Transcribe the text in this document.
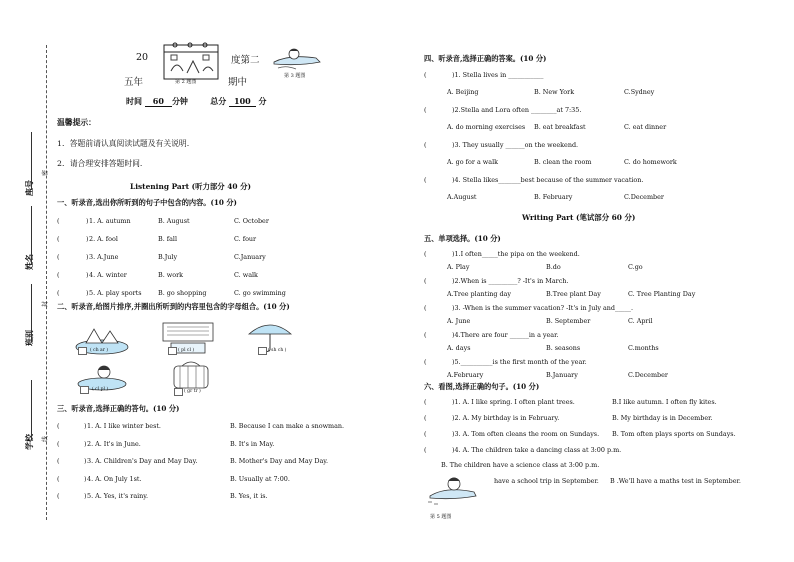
学校
班别
姓名
座号
密
封
线
20	度第二
五年	期中
第 2 题图
第 3 题图
时间 60 分钟	总分 100 分
温馨提示：
1．答题前请认真阅读试题及有关说明.
2．请合理安排答题时间.
Listening Part (听力部分 40 分)
一、听录音,选出你所听到的句子中包含的内容。(10 分)
(	) 1. A. autumn	B. August	C. October
(	) 2. A. fool	B. fall	C. four
(	) 3. A.June	B.July	C.January
(	) 4. A. winter	B. work	C. walk
(	) 5. A. play sports	B. go shopping	C. go swimming
二、听录音,给图片排序,并圈出所听到的内容里包含的字母组合。(10 分)
( ch ar )	( pl cl )	( sh ch )
( cl pl )	( gr tr )
三、听录音,选择正确的答句。(10 分)
(	) 1. A. I like winter best.	B. Because I can make a snowman.
(	) 2. A. It's in June.	B. It's in May.
(	) 3. A. Children's Day and May Day.	B. Mother's Day and May Day.
(	) 4. A. On July 1st.	B. Usually at 7:00.
(	) 5. A. Yes, it's rainy.	B. Yes, it is.
四、听录音,选择正确的答案。(10 分)
(	)1. Stella lives in ___________
A. Beijing	B. New York	C.Sydney
(	)2.Stella and Lora often ________at 7:35.
A. do morning exercises B. eat breakfast	C. eat dinner
(	)3. They usually ______on the weekend.
A. go for a walk	B. clean the room	C. do homework
(	)4. Stella likes_______best because of the summer vacation.
A.August	B. February	C.December
Writing Part (笔试部分 60 分)
五、单项选择。(10 分)
(	)1.I often_____the pipa on the weekend.
A. Play	B.do	C.go
(	)2.When is _________? -It's in March.
A.Tree planting day	B.Tree plant Day	C. Tree Planting Day
(	)3. -When is the summer vacation? -It's in July and_____.
A. June	B. September	C. April
(	)4.There are four ______in a year.
A. days	B. seasons	C.months
(	)5.__________is the first month of the year.
A.February	B.January	C.December
六、看图,选择正确的句子。(10 分)
(	)1. A. I like spring. I often plant trees.	B.I like autumn. I often fly kites.
(	)2. A. My birthday is in February.	B. My birthday is in December.
(	)3. A. Tom often cleans the room on Sundays. B. Tom often plays sports on Sundays.
(	)4. A. The children take a dancing class at 3:00 p.m.
B. The children have a science class at 3:00 p.m.
have a school trip in September. B .We'll have a maths test in September.
第 5 题图
